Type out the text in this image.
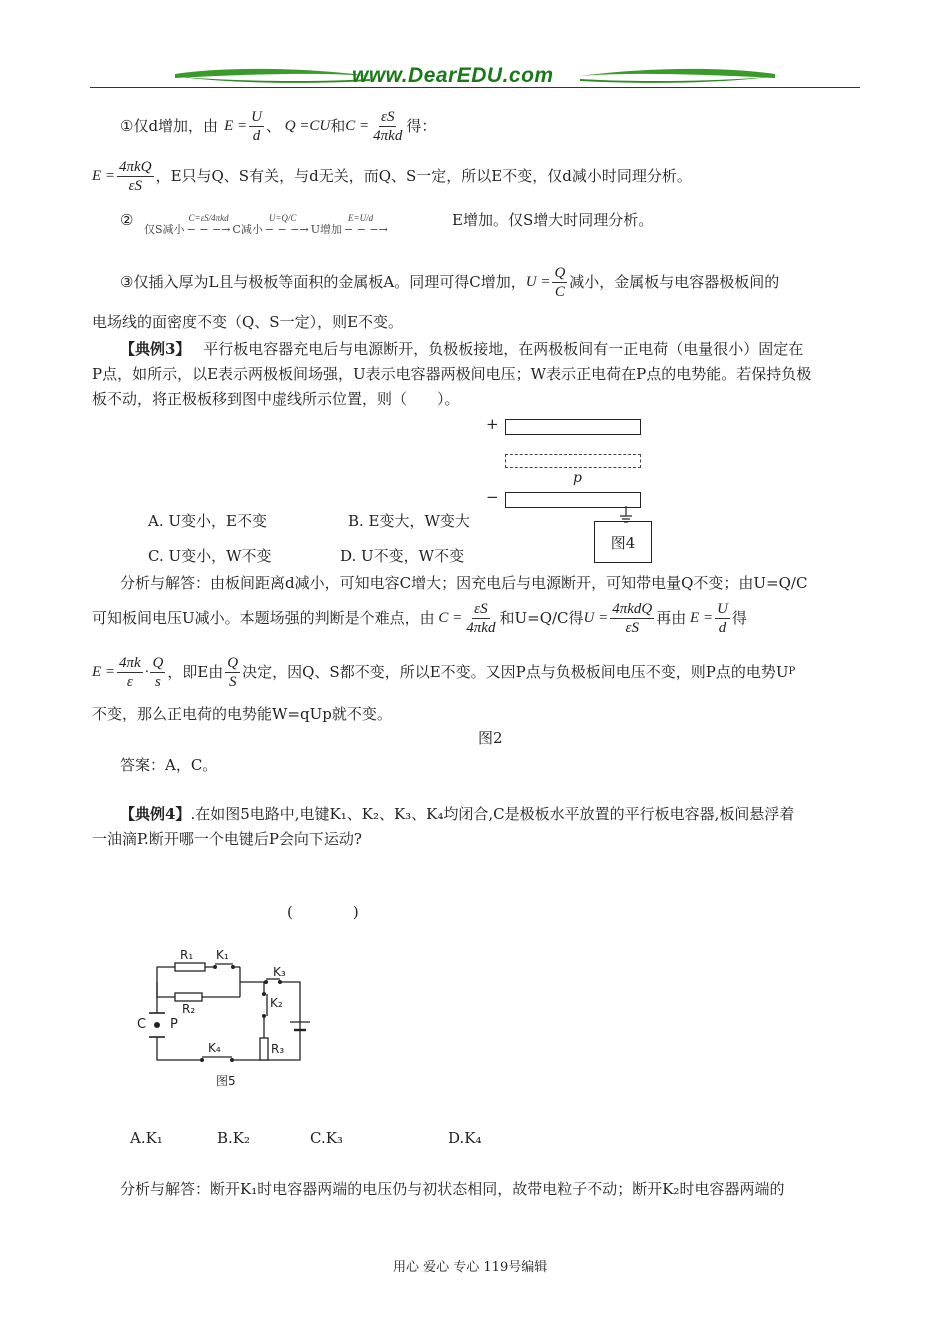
www.DearEDU.com
① 仅d增加，由 $E = \frac{U}{d}$ 、 Q =CU 和 $C = \frac{\varepsilon S}{\text{4πkd}}$ 得：
$E = \frac{\text{4πkQ}}{\varepsilon S}$ ，E只与Q、S有关，与d无关，而Q、S一定，所以E不变，仅d减小时同理分析。
②
仅S减小 − − −→
C=εS/4πkd
C减小 − − −→
U=Q/C
U增加 − − −→
E=U/d	E增加。仅S增大时同理分析。
③ 仅插入厚为L且与极板等面积的金属板A。同理可得C增加， $U = \frac{Q}{C}$ 减小，金属板与电容器极板间的
电场线的面密度不变（Q、S一定），则E不变。
【典例3】 平行板电容器充电后与电源断开，负极板接地，在两极板间有一正电荷（电量很小）固定在
P点，如所示，以E表示两极板间场强，U表示电容器两极间电压；W表示正电荷在P点的电势能。若保持负极
板不动，将正极板移到图中虚线所示位置，则（　　）。
+
p
−
图4
A. U变小，E不变	B. E变大，W变大
C. U变小，W不变	D. U不变，W不变
分析与解答：由板间距离d减小，可知电容C增大；因充电后与电源断开，可知带电量Q不变；由U=Q/C
可知板间电压U减小。本题场强的判断是个难点，由 $C = \frac{\varepsilon S}{\text{4πkd}}$ 和U=Q/C得 $U = \frac{\text{4πkdQ}}{\varepsilon S}$ 再由 $E = \frac{U}{d}$ 得
$E = \frac{4\pi k}{\varepsilon} \cdot \frac{Q}{s}$ ，即E由 $\frac{Q}{S}$ 决定，因Q、S都不变，所以E不变。又因P点与负极板间电压不变，则P点的电势U P
不变，那么正电荷的电势能W=qUp就不变。
图2
答案：A，C。
【典例4】.在如图5电路中,电键K₁、K₂、K₃、K₄均闭合,C是极板水平放置的平行板电容器,板间悬浮着
一油滴P.断开哪一个电键后P会向下运动?
(　　　　)
R₁ K₁
R₂
K₃
K₂
R₃
C P
K₄
图5
A.K₁	B.K₂	C.K₃	D.K₄
分析与解答：断开K₁时电容器两端的电压仍与初状态相同，故带电粒子不动；断开K₂时电容器两端的
用心 爱心 专心 119号编辑
